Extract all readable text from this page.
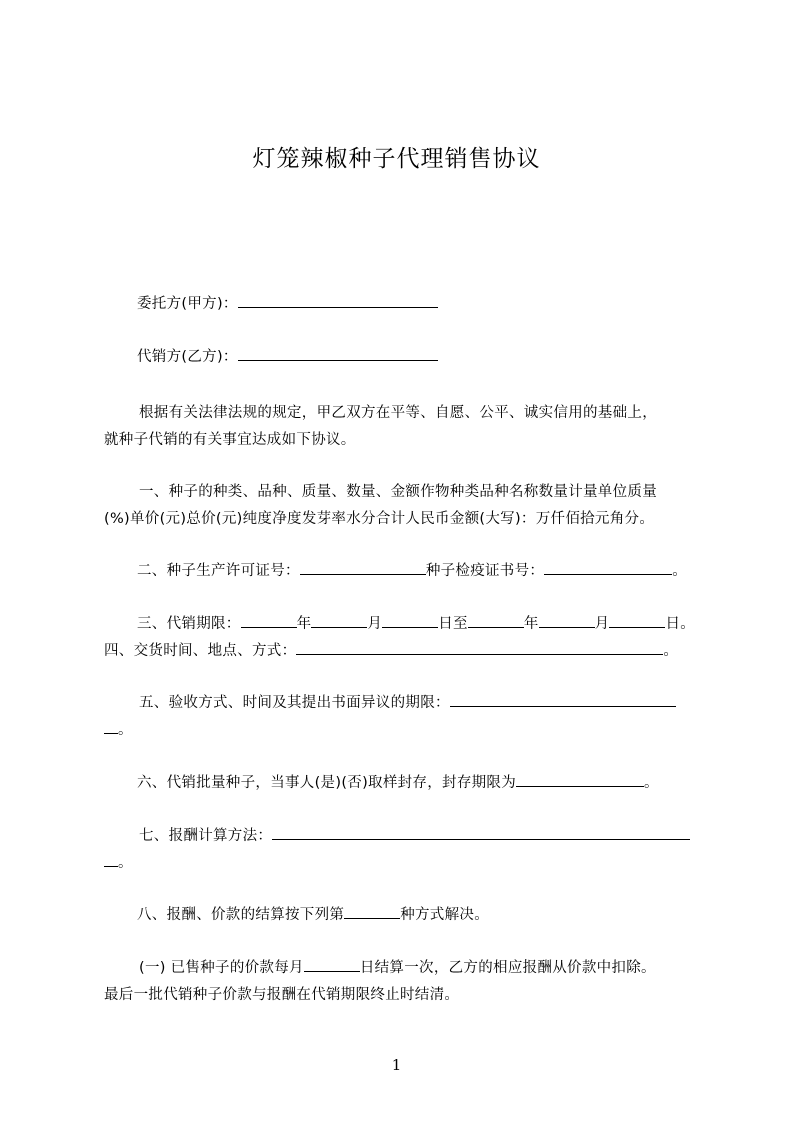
灯笼辣椒种子代理销售协议
委托方(甲方)：
代销方(乙方)：
根据有关法律法规的规定，甲乙双方在平等、自愿、公平、诚实信用的基础上，
就种子代销的有关事宜达成如下协议。
一、种子的种类、品种、质量、数量、金额作物种类品种名称数量计量单位质量
(%)单价(元)总价(元)纯度净度发芽率水分合计人民币金额(大写)：万仟佰拾元角分。
二、种子生产许可证号：	种子检疫证书号：	。
三、代销期限：	年	月	日至	年	月	日。
四、交货时间、地点、方式：	。
五、验收方式、时间及其提出书面异议的期限：
。
六、代销批量种子，当事人(是)(否)取样封存，封存期限为	。
七、报酬计算方法：
。
八、报酬、价款的结算按下列第	种方式解决。
(一) 已售种子的价款每月	日结算一次，乙方的相应报酬从价款中扣除。
最后一批代销种子价款与报酬在代销期限终止时结清。
1
